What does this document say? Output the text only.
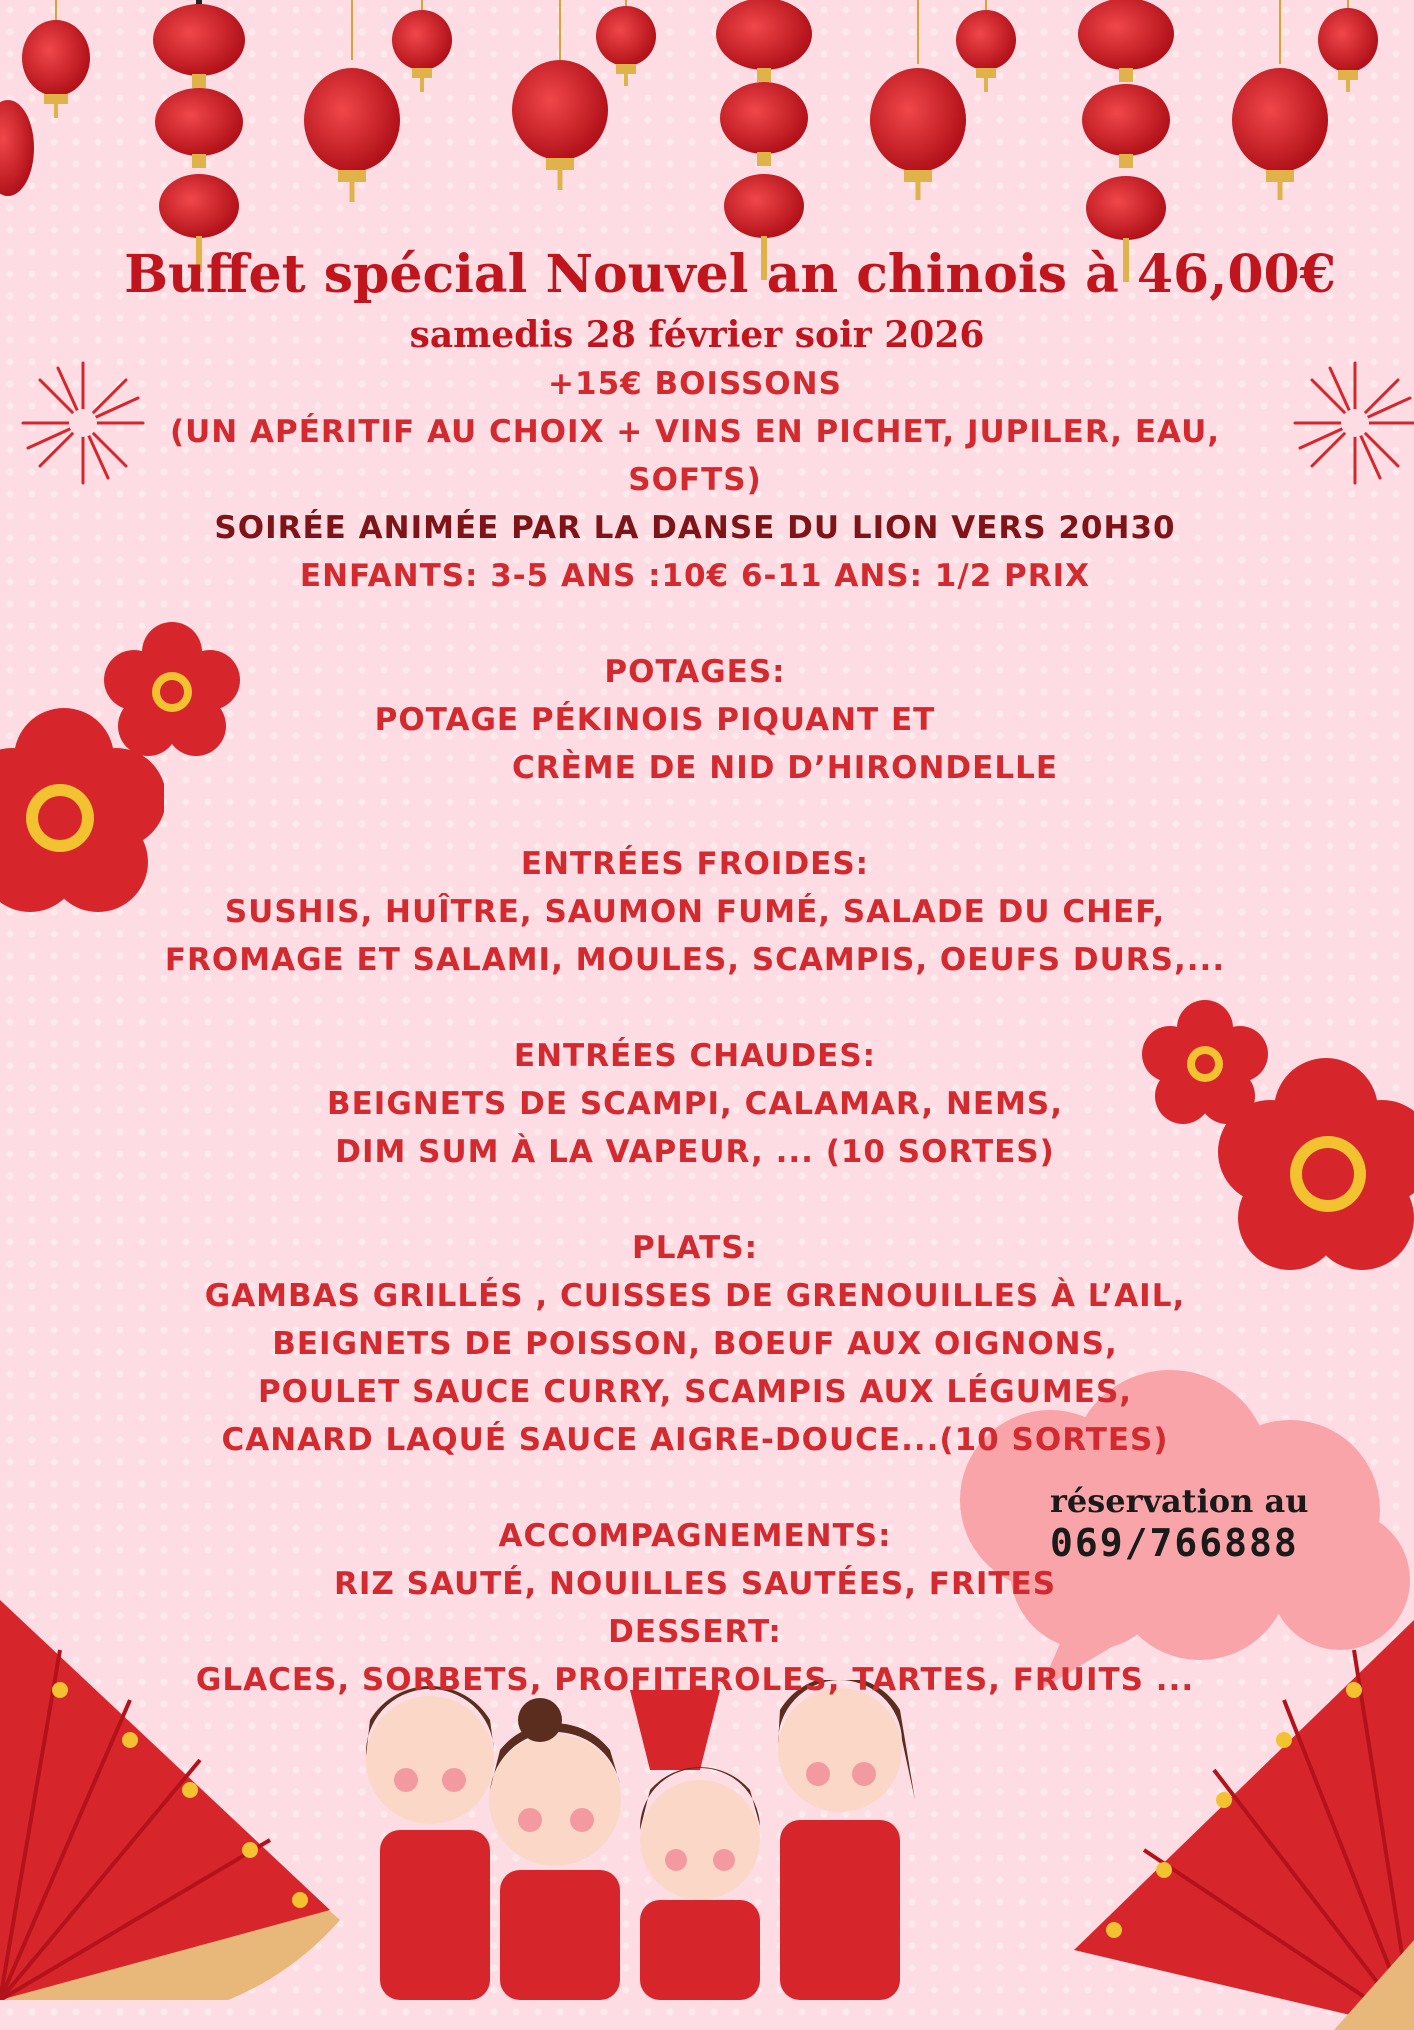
Buffet spécial Nouvel an chinois à 46,00€
samedis 28 février soir 2026
+15€ BOISSONS
(UN APÉRITIF AU CHOIX + VINS EN PICHET, JUPILER, EAU,
SOFTS)
SOIRÉE ANIMÉE PAR LA DANSE DU LION VERS 20H30
ENFANTS: 3-5 ANS :10€ 6-11 ANS: 1/2 PRIX
POTAGES:
POTAGE PÉKINOIS PIQUANT ET
CRÈME DE NID D’HIRONDELLE
ENTRÉES FROIDES:
SUSHIS, HUÎTRE, SAUMON FUMÉ, SALADE DU CHEF,
FROMAGE ET SALAMI, MOULES, SCAMPIS, OEUFS DURS,...
ENTRÉES CHAUDES:
BEIGNETS DE SCAMPI, CALAMAR, NEMS,
DIM SUM À LA VAPEUR, ... (10 SORTES)
PLATS:
GAMBAS GRILLÉS , CUISSES DE GRENOUILLES À L’AIL,
BEIGNETS DE POISSON, BOEUF AUX OIGNONS,
POULET SAUCE CURRY, SCAMPIS AUX LÉGUMES,
CANARD LAQUÉ SAUCE AIGRE-DOUCE...(10 SORTES)
ACCOMPAGNEMENTS:
RIZ SAUTÉ, NOUILLES SAUTÉES, FRITES
DESSERT:
GLACES, SORBETS, PROFITEROLES, TARTES, FRUITS ...
réservation au
069/766888
